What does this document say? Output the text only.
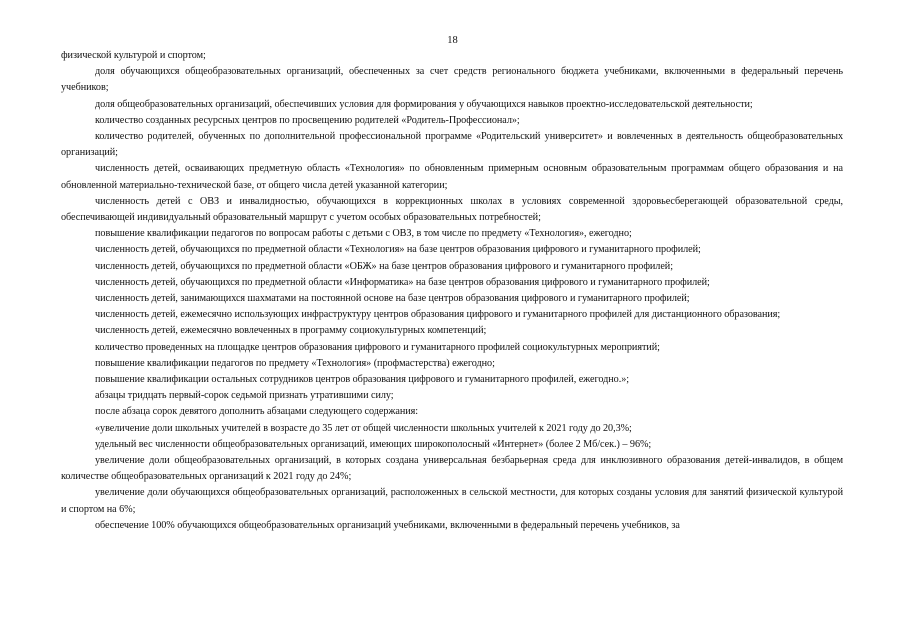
18

физической культурой и спортом;

доля обучающихся общеобразовательных организаций, обеспеченных за счет средств регионального бюджета учебниками, включенными в федеральный перечень учебников;

доля общеобразовательных организаций, обеспечивших условия для формирования у обучающихся навыков проектно-исследовательской деятельности;

количество созданных ресурсных центров по просвещению родителей «Родитель-Профессионал»;

количество родителей, обученных по дополнительной профессиональной программе «Родительский университет» и вовлеченных в деятельность общеобразовательных организаций;

численность детей, осваивающих предметную область «Технология» по обновленным примерным основным образовательным программам общего образования и на обновленной материально-технической базе, от общего числа детей указанной категории;

численность детей с ОВЗ и инвалидностью, обучающихся в коррекционных школах в условиях современной здоровьесберегающей образовательной среды, обеспечивающей индивидуальный образовательный маршрут с учетом особых образовательных потребностей;

повышение квалификации педагогов по вопросам работы с детьми с ОВЗ, в том числе по предмету «Технология», ежегодно;

численность детей, обучающихся по предметной области «Технология» на базе центров образования цифрового и гуманитарного профилей;

численность детей, обучающихся по предметной области «ОБЖ» на базе центров образования цифрового и гуманитарного профилей;

численность детей, обучающихся по предметной области «Информатика» на базе центров образования цифрового и гуманитарного профилей;

численность детей, занимающихся шахматами на постоянной основе на базе центров образования цифрового и гуманитарного профилей;

численность детей, ежемесячно использующих инфраструктуру центров образования цифрового и гуманитарного профилей для дистанционного образования;

численность детей, ежемесячно вовлеченных в программу социокультурных компетенций;

количество проведенных на площадке центров образования цифрового и гуманитарного профилей социокультурных мероприятий;

повышение квалификации педагогов по предмету «Технология» (профмастерства) ежегодно;

повышение квалификации остальных сотрудников центров образования цифрового и гуманитарного профилей, ежегодно.»;

абзацы тридцать первый-сорок седьмой признать утратившими силу;

после абзаца сорок девятого дополнить абзацами следующего содержания:

«увеличение доли школьных учителей в возрасте до 35 лет от общей численности школьных учителей к 2021 году до 20,3%;

удельный вес численности общеобразовательных организаций, имеющих широкополосный «Интернет» (более 2 Мб/сек.) – 96%;

увеличение доли общеобразовательных организаций, в которых создана универсальная безбарьерная среда для инклюзивного образования детей-инвалидов, в общем количестве общеобразовательных организаций к 2021 году до 24%;

увеличение доли обучающихся общеобразовательных организаций, расположенных в сельской местности, для которых созданы условия для занятий физической культурой и спортом на 6%;

обеспечение 100% обучающихся общеобразовательных организаций учебниками, включенными в федеральный перечень учебников, за
